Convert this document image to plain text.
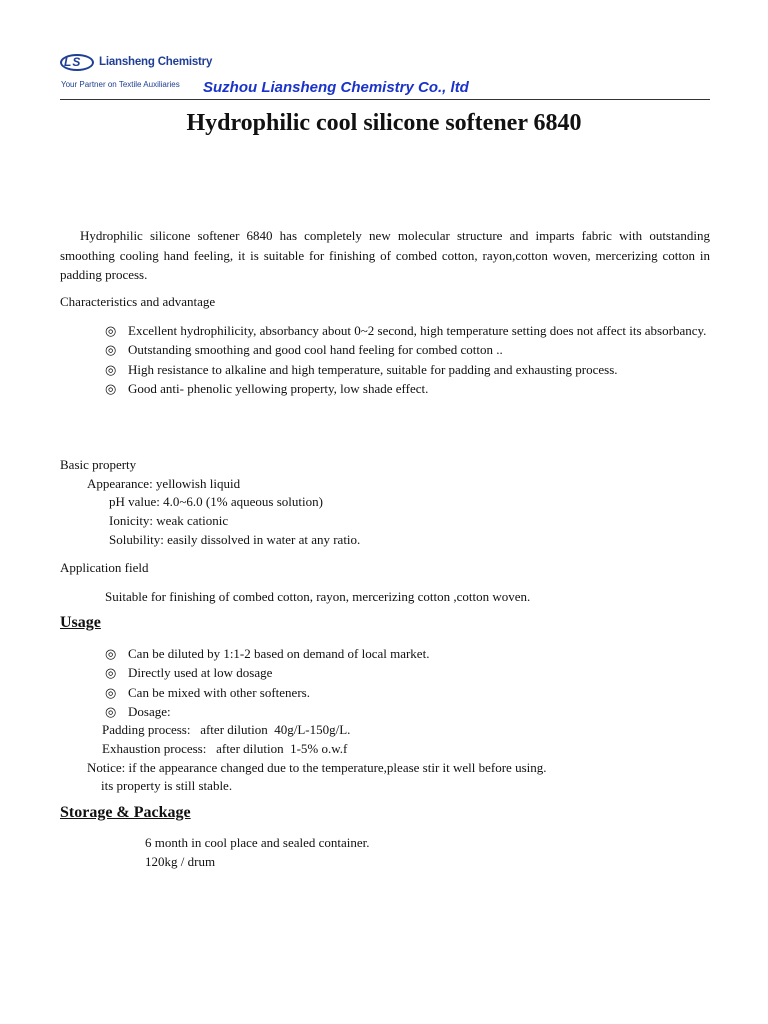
LS Liansheng Chemistry
Your Partner on Textile Auxiliaries Suzhou Liansheng Chemistry Co., ltd
Hydrophilic cool silicone softener 6840
Hydrophilic silicone softener 6840 has completely new molecular structure and imparts fabric with outstanding smoothing cooling hand feeling, it is suitable for finishing of combed cotton, rayon,cotton woven, mercerizing cotton in padding process.
Characteristics and advantage
◎ Excellent hydrophilicity, absorbancy about 0~2 second, high temperature setting does not affect its absorbancy.
◎ Outstanding smoothing and good cool hand feeling for combed cotton ..
◎ High resistance to alkaline and high temperature, suitable for padding and exhausting process.
◎ Good anti- phenolic yellowing property, low shade effect.
Basic property
Appearance: yellowish liquid
pH value: 4.0~6.0 (1% aqueous solution)
Ionicity: weak cationic
Solubility: easily dissolved in water at any ratio.
Application field
Suitable for finishing of combed cotton, rayon, mercerizing cotton ,cotton woven.
Usage
◎ Can be diluted by 1:1-2 based on demand of local market.
◎ Directly used at low dosage
◎ Can be mixed with other softeners.
◎ Dosage:
Padding process:   after dilution  40g/L-150g/L.
Exhaustion process:   after dilution  1-5% o.w.f
Notice: if the appearance changed due to the temperature,please stir it well before using.
its property is still stable.
Storage & Package
6 month in cool place and sealed container.
120kg / drum
